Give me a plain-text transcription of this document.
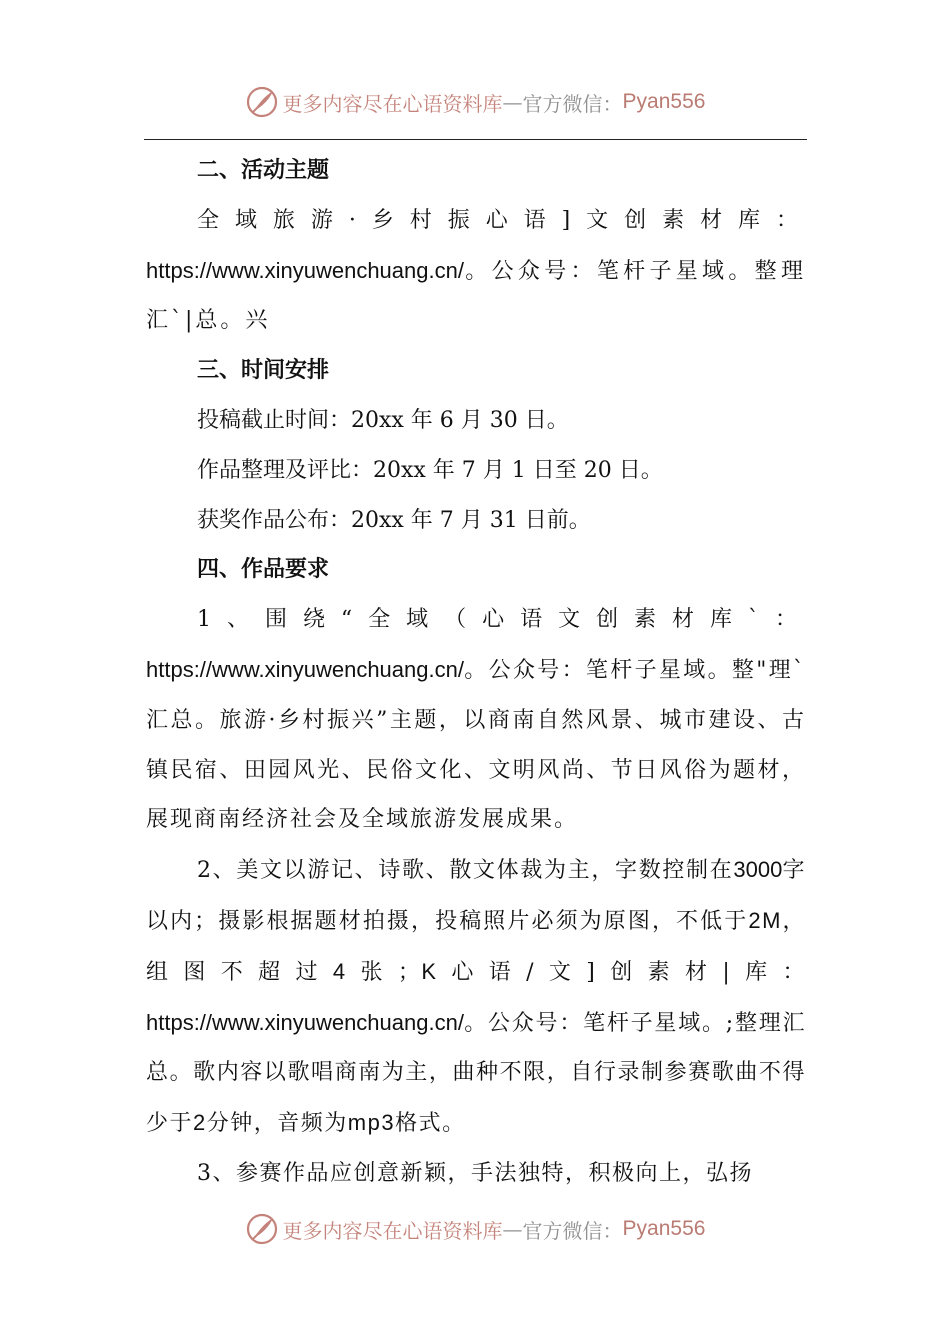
更多内容尽在心语资料库 — 官方微信： Pyan556
二、活动主题

全域旅游·乡村振心语]文创素材库：https://www.xinyuwenchuang.cn/。公众号：笔杆子星域。整理汇`|总。兴

三、时间安排

投稿截止时间：20xx 年 6 月 30 日。

作品整理及评比：20xx 年 7 月 1 日至 20 日。

获奖作品公布：20xx 年 7 月 31 日前。

四、作品要求

1、围绕“全域（心语文创素材库`：https://www.xinyuwenchuang.cn/。公众号：笔杆子星域。整"理`汇总。旅游·乡村振兴”主题，以商南自然风景、城市建设、古镇民宿、田园风光、民俗文化、文明风尚、节日风俗为题材，展现商南经济社会及全域旅游发展成果。

2、美文以游记、诗歌、散文体裁为主，字数控制在3000字以内；摄影根据题材拍摄，投稿照片必须为原图，不低于2M，组图不超过4张；K心语/文]创素材|库：https://www.xinyuwenchuang.cn/。公众号：笔杆子星域。;整理汇总。歌内容以歌唱商南为主，曲种不限，自行录制参赛歌曲不得少于2分钟，音频为mp3格式。

3、参赛作品应创意新颖，手法独特，积极向上，弘扬

更多内容尽在心语资料库 — 官方微信： Pyan556
